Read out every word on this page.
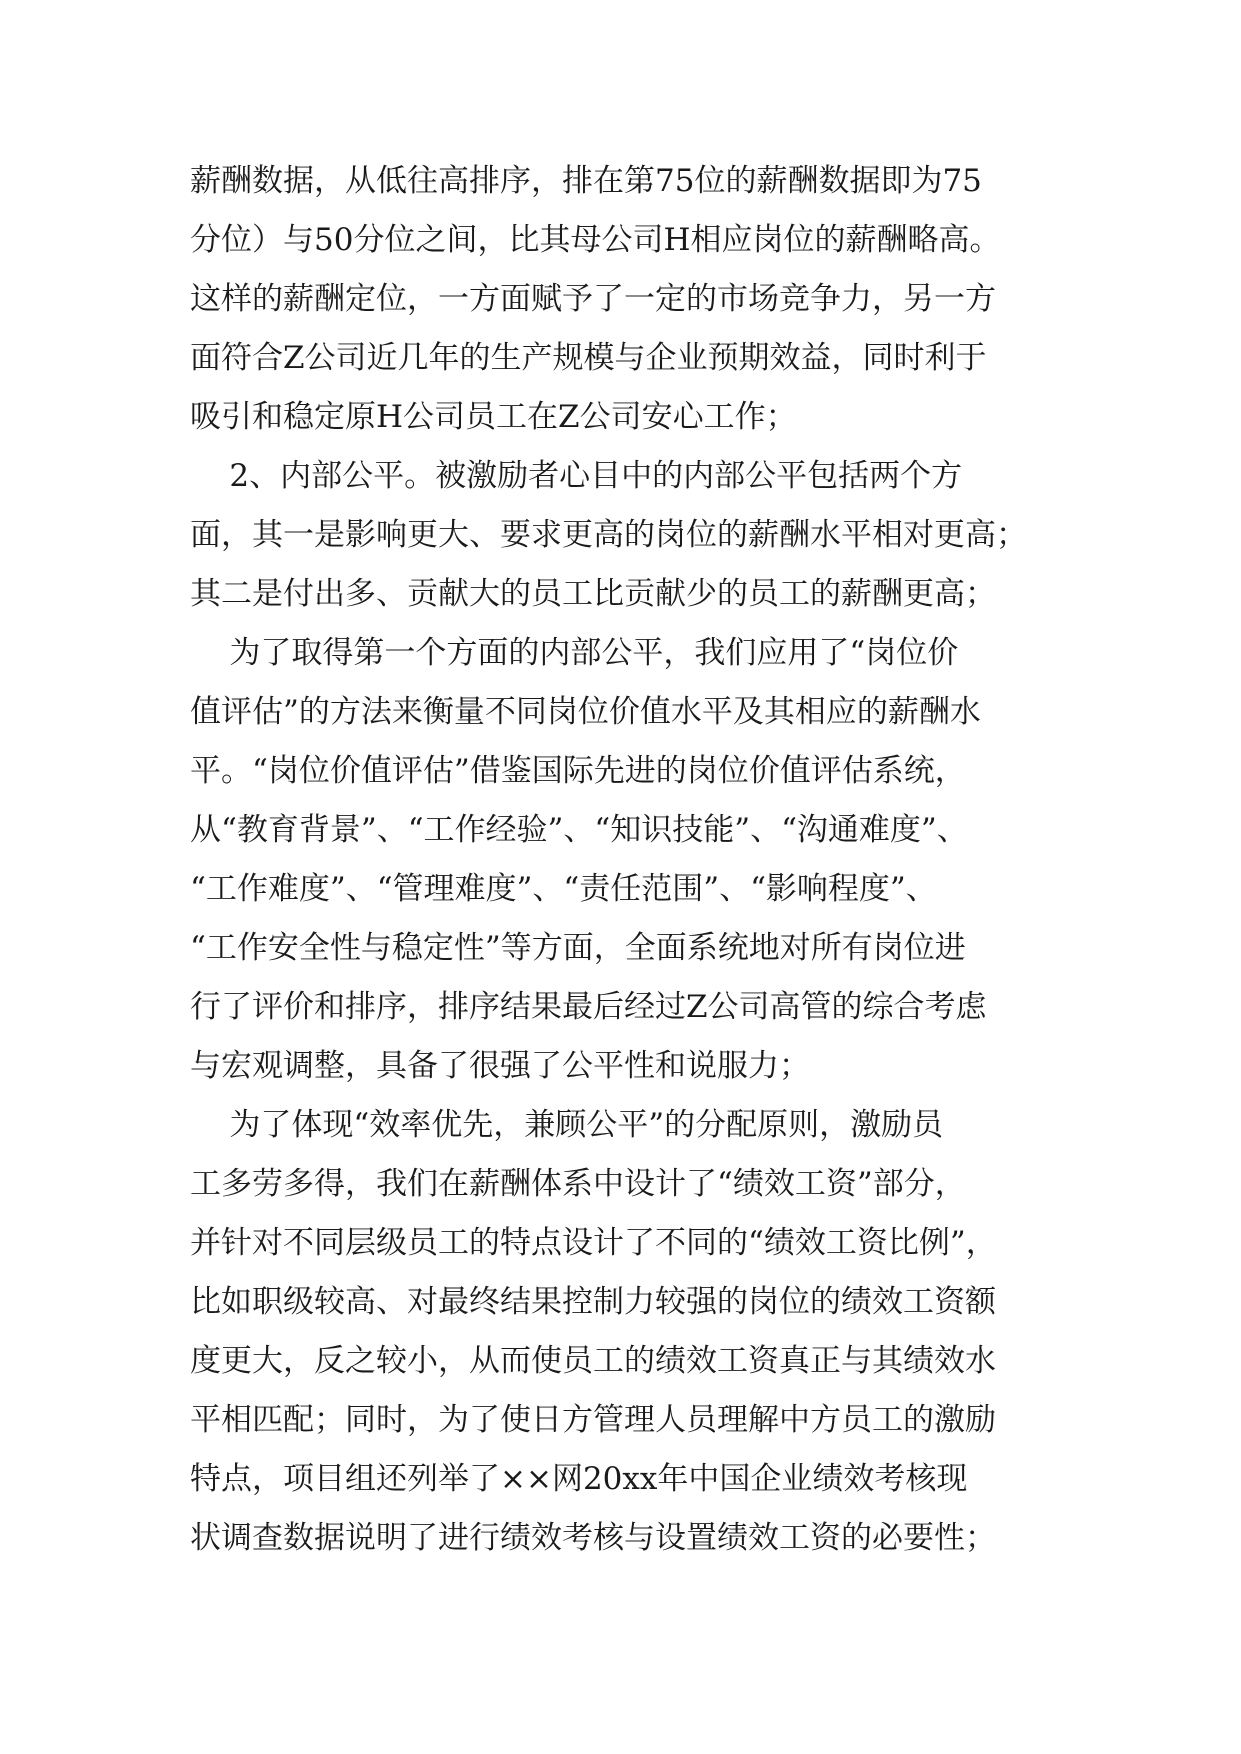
薪酬数据，从低往高排序，排在第75位的薪酬数据即为75
分位）与50分位之间，比其母公司H相应岗位的薪酬略高。
这样的薪酬定位，一方面赋予了一定的市场竞争力，另一方
面符合Z公司近几年的生产规模与企业预期效益，同时利于
吸引和稳定原H公司员工在Z公司安心工作；
2、内部公平。被激励者心目中的内部公平包括两个方
面，其一是影响更大、要求更高的岗位的薪酬水平相对更高；
其二是付出多、贡献大的员工比贡献少的员工的薪酬更高；
为了取得第一个方面的内部公平，我们应用了“岗位价
值评估”的方法来衡量不同岗位价值水平及其相应的薪酬水
平。“岗位价值评估”借鉴国际先进的岗位价值评估系统，
从“教育背景”、“工作经验”、“知识技能”、“沟通难度”、
“工作难度”、“管理难度”、“责任范围”、“影响程度”、
“工作安全性与稳定性”等方面，全面系统地对所有岗位进
行了评价和排序，排序结果最后经过Z公司高管的综合考虑
与宏观调整，具备了很强了公平性和说服力；
为了体现“效率优先，兼顾公平”的分配原则，激励员
工多劳多得，我们在薪酬体系中设计了“绩效工资”部分，
并针对不同层级员工的特点设计了不同的“绩效工资比例”，
比如职级较高、对最终结果控制力较强的岗位的绩效工资额
度更大，反之较小，从而使员工的绩效工资真正与其绩效水
平相匹配；同时，为了使日方管理人员理解中方员工的激励
特点，项目组还列举了××网20xx年中国企业绩效考核现
状调查数据说明了进行绩效考核与设置绩效工资的必要性；
